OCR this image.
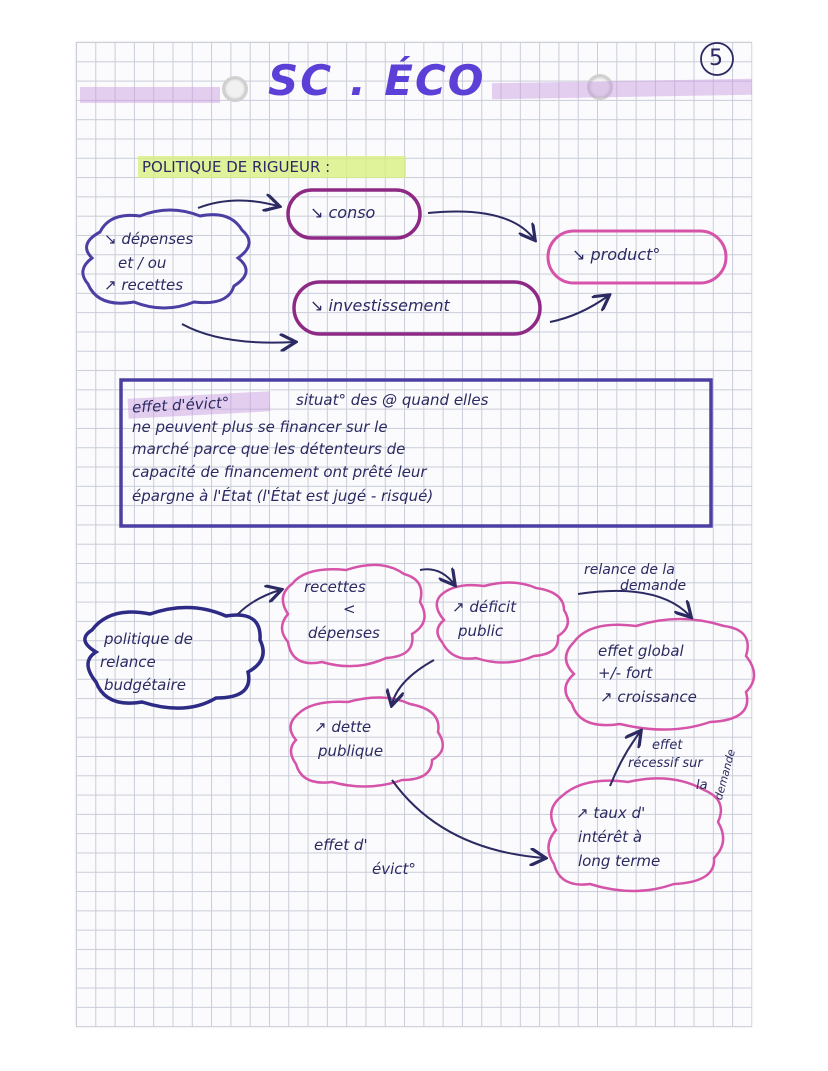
5
SC . ÉCO
POLITIQUE DE RIGUEUR :
↘ dépenses
et / ou
↗ recettes
↘ conso
↘ investissement
↘ product°
effet d'évict°	situat° des @ quand elles
ne peuvent plus se financer sur le
marché parce que les détenteurs de
capacité de financement ont prêté leur
épargne à l'État (l'État est jugé - risqué)
politique de
relance
budgétaire
recettes
<
dépenses
↗ déficit
public
relance de la
demande
effet global
+/- fort
↗ croissance
↗ dette
publique
effet d'
évict°
↗ taux d'
intérêt à
long terme
effet
récessif sur
la demande
